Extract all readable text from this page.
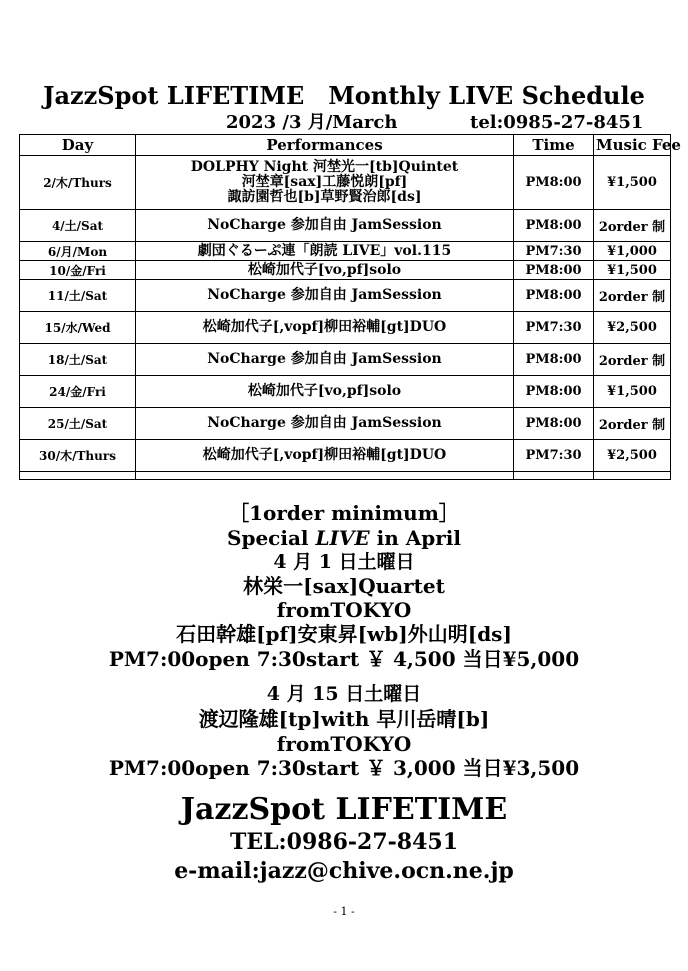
JazzSpot LIFETIME　Monthly LIVE Schedule
2023 /3 月/March	tel:0985-27-8451
Day	Performances	Time	Music Fee
2/木/Thurs	DOLPHY Night 河埜光一[tb]Quintet
河埜章[sax]工藤悦朗[pf]
諏訪園哲也[b]草野賢治郎[ds]	PM8:00	¥1,500
4/土/Sat	NoCharge 参加自由 JamSession	PM8:00	2order 制
6/月/Mon	劇団ぐるーぷ連「朗読 LIVE」vol.115	PM7:30	¥1,000
10/金/Fri	松崎加代子[vo,pf]solo	PM8:00	¥1,500
11/土/Sat	NoCharge 参加自由 JamSession	PM8:00	2order 制
15/水/Wed	松崎加代子[,vopf]柳田裕輔[gt]DUO	PM7:30	¥2,500
18/土/Sat	NoCharge 参加自由 JamSession	PM8:00	2order 制
24/金/Fri	松崎加代子[vo,pf]solo	PM8:00	¥1,500
25/土/Sat	NoCharge 参加自由 JamSession	PM8:00	2order 制
30/木/Thurs	松崎加代子[,vopf]柳田裕輔[gt]DUO	PM7:30	¥2,500

［1order minimum］
Special LIVE in April
4 月 1 日土曜日
林栄一[sax]Quartet
fromTOKYO
石田幹雄[pf]安東昇[wb]外山明[ds]
PM7:00open 7:30start ￥ 4,500 当日¥5,000
4 月 15 日土曜日
渡辺隆雄[tp]with 早川岳晴[b]
fromTOKYO
PM7:00open 7:30start ￥ 3,000 当日¥3,500
JazzSpot LIFETIME
TEL:0986-27-8451
e-mail:jazz@chive.ocn.ne.jp
- 1 -
